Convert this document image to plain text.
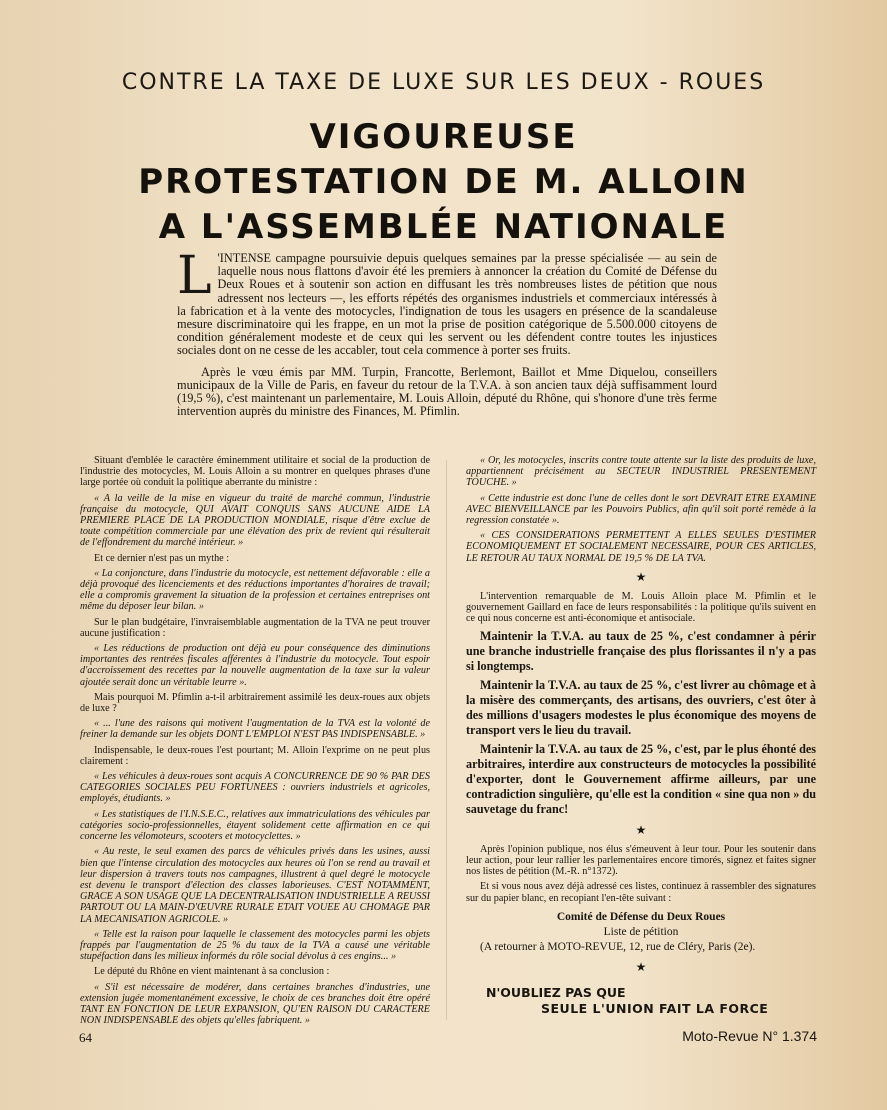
CONTRE LA TAXE DE LUXE SUR LES DEUX - ROUES
VIGOUREUSE
PROTESTATION DE M. ALLOIN
A L'ASSEMBLÉE NATIONALE

L 'INTENSE campagne poursuivie depuis quelques semaines par la presse spécialisée — au sein de laquelle nous nous flattons d'avoir été les premiers à annoncer la création du Comité de Défense du Deux Roues et à soutenir son action en diffusant les très nombreuses listes de pétition que nous adressent nos lecteurs —, les efforts répétés des organismes industriels et commerciaux intéressés à la fabrication et à la vente des motocycles, l'indignation de tous les usagers en présence de la scandaleuse mesure discriminatoire qui les frappe, en un mot la prise de position catégorique de 5.500.000 citoyens de condition généralement modeste et de ceux qui les servent ou les défendent contre toutes les injustices sociales dont on ne cesse de les accabler, tout cela commence à porter ses fruits.

Après le vœu émis par MM. Turpin, Francotte, Berlemont, Baillot et Mme Diquelou, conseillers municipaux de la Ville de Paris, en faveur du retour de la T.V.A. à son ancien taux déjà suffisamment lourd (19,5 %), c'est maintenant un parlementaire, M. Louis Alloin, député du Rhône, qui s'honore d'une très ferme intervention auprès du ministre des Finances, M. Pfimlin.

Situant d'emblée le caractère éminemment utilitaire et social de la production de l'industrie des motocycles, M. Louis Alloin a su montrer en quelques phrases d'une large portée où conduit la politique aberrante du ministre :

« A la veille de la mise en vigueur du traité de marché commun, l'industrie française du motocycle, QUI AVAIT CONQUIS SANS AUCUNE AIDE LA PREMIERE PLACE DE LA PRODUCTION MONDIALE, risque d'être exclue de toute compétition commerciale par une élévation des prix de revient qui résulterait de l'effondrement du marché intérieur. »

Et ce dernier n'est pas un mythe :

« La conjoncture, dans l'industrie du motocycle, est nettement défavorable : elle a déjà provoqué des licenciements et des réductions importantes d'horaires de travail; elle a compromis gravement la situation de la profession et certaines entreprises ont même du déposer leur bilan. »

Sur le plan budgétaire, l'invraisemblable augmentation de la TVA ne peut trouver aucune justification :

« Les réductions de production ont déjà eu pour conséquence des diminutions importantes des rentrées fiscales afférentes à l'industrie du motocycle. Tout espoir d'accroissement des recettes par la nouvelle augmentation de la taxe sur la valeur ajoutée serait donc un véritable leurre ».

Mais pourquoi M. Pfimlin a-t-il arbitrairement assimilé les deux-roues aux objets de luxe ?

« ... l'une des raisons qui motivent l'augmentation de la TVA est la volonté de freiner la demande sur les objets DONT L'EMPLOI N'EST PAS INDISPENSABLE. »

Indispensable, le deux-roues l'est pourtant; M. Alloin l'exprime on ne peut plus clairement :

« Les véhicules à deux-roues sont acquis A CONCURRENCE DE 90 % PAR DES CATEGORIES SOCIALES PEU FORTUNEES : ouvriers industriels et agricoles, employés, étudiants. »

« Les statistiques de l'I.N.S.E.C., relatives aux immatriculations des véhicules par catégories socio-professionnelles, étayent solidement cette affirmation en ce qui concerne les vélomoteurs, scooters et motocyclettes. »

« Au reste, le seul examen des parcs de véhicules privés dans les usines, aussi bien que l'intense circulation des motocycles aux heures où l'on se rend au travail et leur dispersion à travers touts nos campagnes, illustrent à quel degré le motocycle est devenu le transport d'élection des classes laborieuses. C'EST NOTAMMENT, GRACE A SON USAGE QUE LA DECENTRALISATION INDUSTRIELLE A REUSSI PARTOUT OU LA MAIN-D'ŒUVRE RURALE ETAIT VOUEE AU CHOMAGE PAR LA MECANISATION AGRICOLE. »

« Telle est la raison pour laquelle le classement des motocycles parmi les objets frappés par l'augmentation de 25 % du taux de la TVA a causé une véritable stupéfaction dans les milieux informés du rôle social dévolus à ces engins... »

Le député du Rhône en vient maintenant à sa conclusion :

« S'il est nécessaire de modérer, dans certaines branches d'industries, une extension jugée momentanément excessive, le choix de ces branches doit être opéré TANT EN FONCTION DE LEUR EXPANSION, QU'EN RAISON DU CARACTERE NON INDISPENSABLE des objets qu'elles fabriquent. »

« Or, les motocycles, inscrits contre toute attente sur la liste des produits de luxe, appartiennent précisément au SECTEUR INDUSTRIEL PRESENTEMENT TOUCHE. »

« Cette industrie est donc l'une de celles dont le sort DEVRAIT ETRE EXAMINE AVEC BIENVEILLANCE par les Pouvoirs Publics, afin qu'il soit porté remède à la regression constatée ».

« CES CONSIDERATIONS PERMETTENT A ELLES SEULES D'ESTIMER ECONOMIQUEMENT ET SOCIALEMENT NECESSAIRE, POUR CES ARTICLES, LE RETOUR AU TAUX NORMAL DE 19,5 % DE LA TVA.

★

L'intervention remarquable de M. Louis Alloin place M. Pfimlin et le gouvernement Gaillard en face de leurs responsabilités : la politique qu'ils suivent en ce qui nous concerne est anti-économique et antisociale.

Maintenir la T.V.A. au taux de 25 %, c'est condamner à périr une branche industrielle française des plus florissantes il n'y a pas si longtemps.

Maintenir la T.V.A. au taux de 25 %, c'est livrer au chômage et à la misère des commerçants, des artisans, des ouvriers, c'est ôter à des millions d'usagers modestes le plus économique des moyens de transport vers le lieu du travail.

Maintenir la T.V.A. au taux de 25 %, c'est, par le plus éhonté des arbitraires, interdire aux constructeurs de motocycles la possibilité d'exporter, dont le Gouvernement affirme ailleurs, par une contradiction singulière, qu'elle est la condition « sine qua non » du sauvetage du franc!

★

Après l'opinion publique, nos élus s'émeuvent à leur tour. Pour les soutenir dans leur action, pour leur rallier les parlementaires encore timorés, signez et faites signer nos listes de pétition (M.-R. n°1372).

Et si vous nous avez déjà adressé ces listes, continuez à rassembler des signatures sur du papier blanc, en recopiant l'en-tête suivant :

Comité de Défense du Deux Roues
Liste de pétition

(A retourner à MOTO-REVUE, 12, rue de Cléry, Paris (2e).

★
N'OUBLIEZ PAS QUE
SEULE L'UNION FAIT LA FORCE
64	Moto-Revue N° 1.374
